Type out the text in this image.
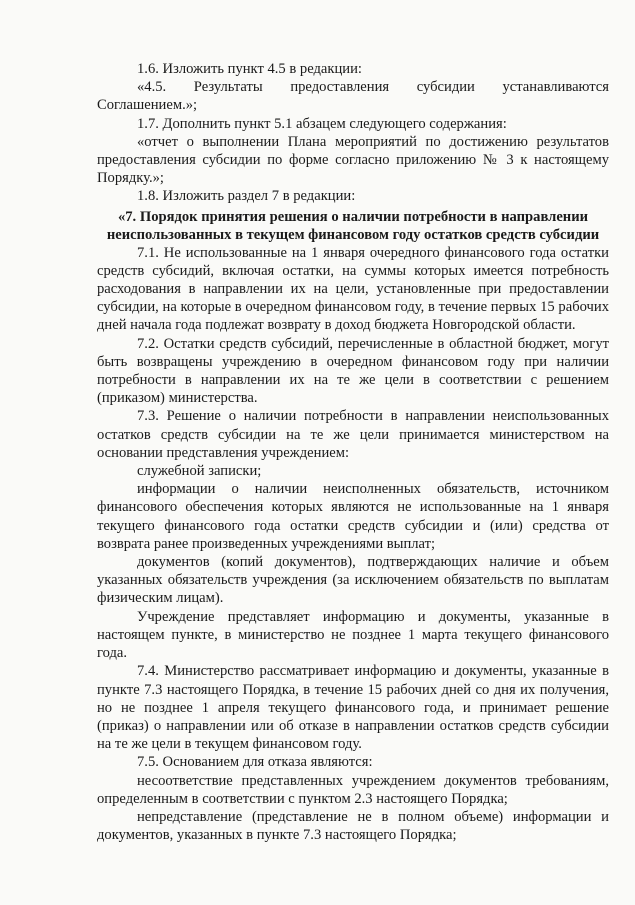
1.6. Изложить пункт 4.5 в редакции:

«4.5. Результаты предоставления субсидии устанавливаются Соглашением.»;

1.7. Дополнить пункт 5.1 абзацем следующего содержания:

«отчет о выполнении Плана мероприятий по достижению результатов предоставления субсидии по форме согласно приложению № 3 к настоящему Порядку.»;

1.8. Изложить раздел 7 в редакции:

«7. Порядок принятия решения о наличии потребности в направлении неиспользованных в текущем финансовом году остатков средств субсидии

7.1. Не использованные на 1 января очередного финансового года остатки средств субсидий, включая остатки, на суммы которых имеется потребность расходования в направлении их на цели, установленные при предоставлении субсидии, на которые в очередном финансовом году, в течение первых 15 рабочих дней начала года подлежат возврату в доход бюджета Новгородской области.

7.2. Остатки средств субсидий, перечисленные в областной бюджет, могут быть возвращены учреждению в очередном финансовом году при наличии потребности в направлении их на те же цели в соответствии с решением (приказом) министерства.

7.3. Решение о наличии потребности в направлении неиспользованных остатков средств субсидии на те же цели принимается министерством на основании представления учреждением:

служебной записки;

информации о наличии неисполненных обязательств, источником финансового обеспечения которых являются не использованные на 1 января текущего финансового года остатки средств субсидии и (или) средства от возврата ранее произведенных учреждениями выплат;

документов (копий документов), подтверждающих наличие и объем указанных обязательств учреждения (за исключением обязательств по выплатам физическим лицам).

Учреждение представляет информацию и документы, указанные в настоящем пункте, в министерство не позднее 1 марта текущего финансового года.

7.4. Министерство рассматривает информацию и документы, указанные в пункте 7.3 настоящего Порядка, в течение 15 рабочих дней со дня их получения, но не позднее 1 апреля текущего финансового года, и принимает решение (приказ) о направлении или об отказе в направлении остатков средств субсидии на те же цели в текущем финансовом году.

7.5. Основанием для отказа являются:

несоответствие представленных учреждением документов требованиям, определенным в соответствии с пунктом 2.3 настоящего Порядка;

непредставление (представление не в полном объеме) информации и документов, указанных в пункте 7.3 настоящего Порядка;
